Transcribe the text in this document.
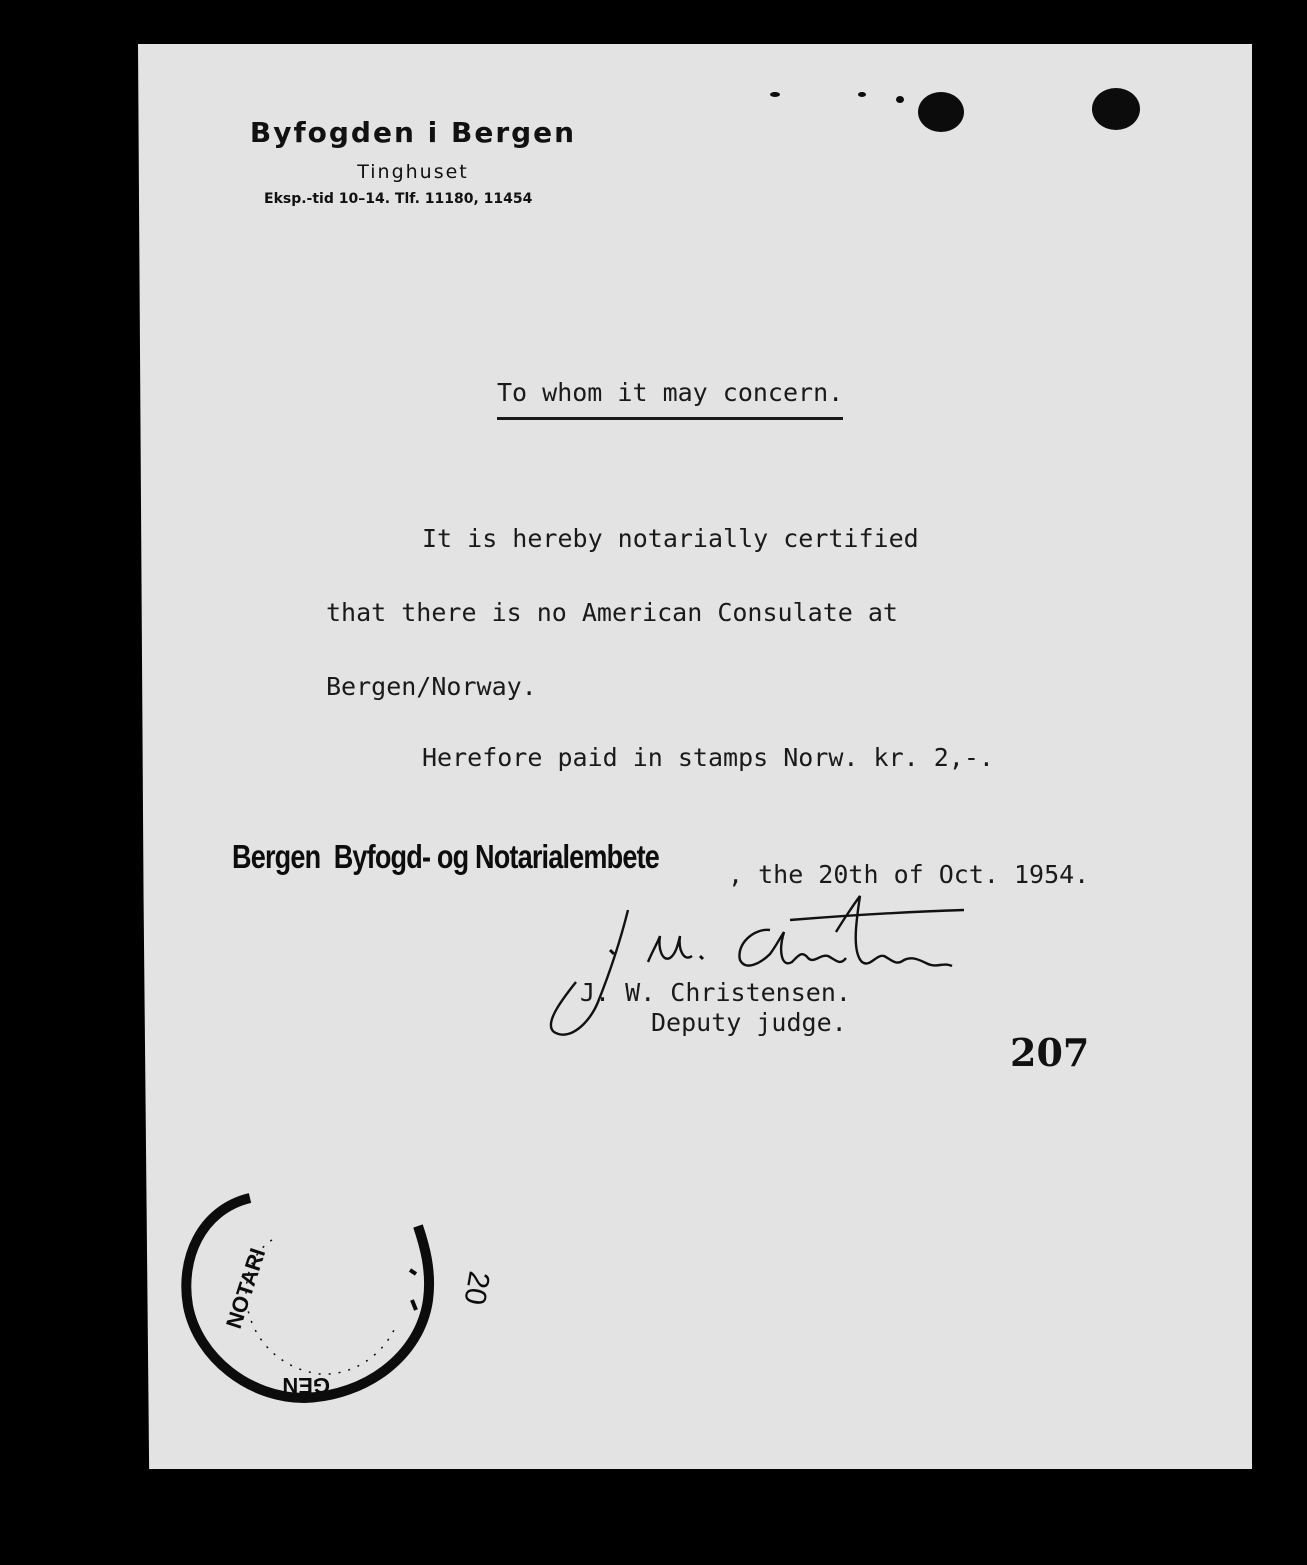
Byfogden i Bergen
Tinghuset
Eksp.-tid 10–14. Tlf. 11180, 11454
To whom it may concern.
It is hereby notarially certified
that there is no American Consulate at
Bergen/Norway.
Herefore paid in stamps Norw. kr. 2,-.
Bergen  Byfogd- og Notarialembete	, the 20th of Oct. 1954.
J. W. Christensen.
Deputy judge.
207
NOTARI
GEN
20
